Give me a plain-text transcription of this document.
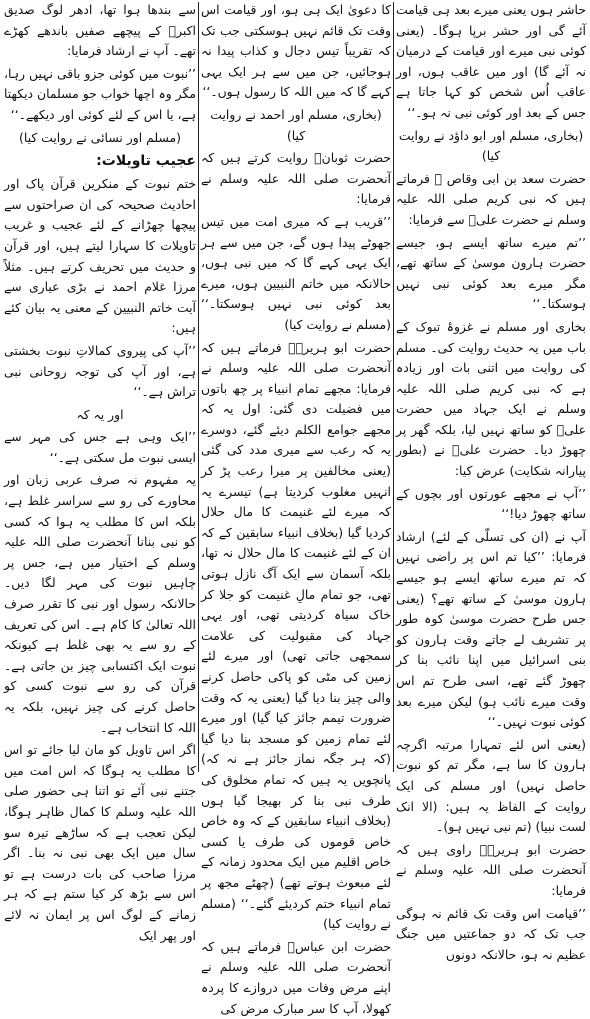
حاشر ہوں یعنی میرے بعد ہی قیامت آئے گی اور حشر برپا ہوگا۔ (یعنی کوئی نبی میرے اور قیامت کے درمیان نہ آئے گا) اور میں عاقب ہوں، اور عاقب اُس شخص کو کہا جاتا ہے جس کے بعد اور کوئی نبی نہ ہو۔‘‘

(بخاری، مسلم اور ابو داؤد نے روایت کیا)

حضرت سعد بن ابی وقاص ؓ فرماتے ہیں کہ نبی کریم صلی اللہ علیہ وسلم نے حضرت علیؓ سے فرمایا:

’’تم میرے ساتھ ایسے ہو، جیسے حضرت ہارون موسیٰ کے ساتھ تھے، مگر میرے بعد کوئی نبی نہیں ہوسکتا۔‘‘

بخاری اور مسلم نے غزوۂ تبوک کے باب میں یہ حدیث روایت کی۔ مسلم کی روایت میں اتنی بات اور زیادہ ہے کہ نبی کریم صلی اللہ علیہ وسلم نے ایک جہاد میں حضرت علیؓ کو ساتھ نہیں لیا، بلکہ گھر پر چھوڑ دیا۔ حضرت علیؓ نے (بطور پیارانہ شکایت) عرض کیا:

’’آپ نے مجھے عورتوں اور بچوں کے ساتھ چھوڑ دیا!‘‘

آپ نے (ان کی تسلّی کے لئے) ارشاد فرمایا: ’’کیا تم اس پر راضی نہیں کہ تم میرے ساتھ ایسے ہو جیسے ہارون موسیٰ کے ساتھ تھے؟ (یعنی جس طرح حضرت موسیٰ کوہ طور پر تشریف لے جاتے وقت ہارون کو بنی اسرائیل میں اپنا نائب بنا کر چھوڑ گئے تھے، اسی طرح تم اس وقت میرے نائب ہو) لیکن میرے بعد کوئی نبوت نہیں۔‘‘

(یعنی اس لئے تمہارا مرتبہ اگرچہ ہارون کا سا ہے، مگر تم کو نبوت حاصل نہیں) اور مسلم کی ایک روایت کے الفاظ یہ ہیں: (الا انک لست نبیا) (تم نبی نہیں ہو)۔

حضرت ابو ہریرہؓ راوی ہیں کہ آنحضرت صلی اللہ علیہ وسلم نے فرمایا:

’’قیامت اس وقت تک قائم نہ ہوگی جب تک کہ دو جماعتیں میں جنگ عظیم نہ ہو، حالانکہ دونوں

کا دعویٰ ایک ہی ہو، اور قیامت اس وقت تک قائم نہیں ہوسکتی جب تک کہ تقریباً تیس دجال و کذاب پیدا نہ ہوجائیں، جن میں سے ہر ایک یہی کہے گا کہ میں اللہ کا رسول ہوں۔‘‘

(بخاری، مسلم اور احمد نے روایت کیا)

حضرت ثوبانؓ روایت کرتے ہیں کہ آنحضرت صلی اللہ علیہ وسلم نے فرمایا:

’’قریب ہے کہ میری امت میں تیس جھوٹے پیدا ہوں گے، جن میں سے ہر ایک یہی کہے گا کہ میں نبی ہوں، حالانکہ میں خاتم النبیین ہوں، میرے بعد کوئی نبی نہیں ہوسکتا۔‘‘ (مسلم نے روایت کیا)

حضرت ابو ہریرہؓ فرماتے ہیں کہ آنحضرت صلی اللہ علیہ وسلم نے فرمایا: مجھے تمام انبیاء پر چھ باتوں میں فضیلت دی گئی: اول یہ کہ مجھے جوامع الکلم دیئے گئے، دوسرے یہ کہ رعب سے میری مدد کی گئی (یعنی مخالفین پر میرا رعب پڑ کر انہیں مغلوب کردیتا ہے) تیسرے یہ کہ میرے لئے غنیمت کا مال حلال کردیا گیا (بخلاف انبیاء سابقین کے کہ ان کے لئے غنیمت کا مال حلال نہ تھا، بلکہ آسمان سے ایک آگ نازل ہوتی تھی، جو تمام مالِ غنیمت کو جلا کر خاک سیاہ کردیتی تھی، اور یہی جہاد کی مقبولیت کی علامت سمجھی جاتی تھی) اور میرے لئے زمین کی مٹی کو پاکی حاصل کرنے والی چیز بنا دیا گیا (یعنی یہ کہ وقت ضرورت تیمم جائز کیا گیا) اور میرے لئے تمام زمین کو مسجد بنا دیا گیا (کہ ہر جگہ نماز جائز ہے نہ کہ) پانچویں یہ ہیں کہ تمام مخلوق کی طرف نبی بنا کر بھیجا گیا ہوں (بخلاف انبیاء سابقین کے کہ وہ خاص خاص قوموں کی طرف یا کسی خاص اقلیم میں ایک محدود زمانہ کے لئے مبعوث ہوتے تھے) (چھٹے مجھ پر تمام انبیاء ختم کردیئے گئے۔‘‘ (مسلم نے روایت کیا)

حضرت ابن عباسؓ فرماتے ہیں کہ آنحضرت صلی اللہ علیہ وسلم نے اپنے مرض وفات میں دروازے کا پردہ کھولا، آپ کا سر مبارک مرض کی

سے بندھا ہوا تھا، ادھر لوگ صدیق اکبرؓ کے پیچھے صفیں باندھے کھڑے تھے۔ آپ نے ارشاد فرمایا:

’’نبوت میں کوئی جزو باقی نہیں رہا، مگر وہ اچھا خواب جو مسلمان دیکھتا ہے، یا اس کے لئے کوئی اور دیکھے۔‘‘

(مسلم اور نسائی نے روایت کیا)

عجیب تاویلات:

ختم نبوت کے منکرین قرآن پاک اور احادیث صحیحہ کی ان صراحتوں سے پیچھا چھڑانے کے لئے عجیب و غریب تاویلات کا سہارا لیتے ہیں، اور قرآن و حدیث میں تحریف کرتے ہیں۔ مثلاً مرزا غلام احمد نے بڑی عیاری سے آیت خاتم النبیین کے معنی یہ بیان کئے ہیں:

’’آپ کی پیروی کمالاتِ نبوت بخشتی ہے، اور آپ کی توجہ روحانی نبی تراش ہے۔‘‘

اور یہ کہ

’’ایک وہی ہے جس کی مہر سے ایسی نبوت مل سکتی ہے۔‘‘

یہ مفہوم نہ صرف عربی زبان اور محاورے کی رو سے سراسر غلط ہے، بلکہ اس کا مطلب یہ ہوا کہ کسی کو نبی بنانا آنحضرت صلی اللہ علیہ وسلم کے اختیار میں ہے، جس پر چاہیں نبوت کی مہر لگا دیں۔ حالانکہ رسول اور نبی کا تقرر صرف اللہ تعالیٰ کا کام ہے۔ اس کی تعریف کے رو سے یہ بھی غلط ہے کیونکہ نبوت ایک اکتسابی چیز بن جاتی ہے۔ قرآن کی رو سے نبوت کسی کو حاصل کرنے کی چیز نہیں، بلکہ یہ اللہ کا انتخاب ہے۔

اگر اس تاویل کو مان لیا جائے تو اس کا مطلب یہ ہوگا کہ اس امت میں جتنے نبی آئے تو اتنا ہی حضور صلی اللہ علیہ وسلم کا کمال ظاہر ہوگا، لیکن تعجب ہے کہ ساڑھے تیرہ سو سال میں ایک بھی نبی نہ بنا۔ اگر مرزا صاحب کی بات درست ہے تو اس سے بڑھ کر کیا ستم ہے کہ ہر زمانے کے لوگ اس پر ایمان نہ لائے اور پھر ایک
